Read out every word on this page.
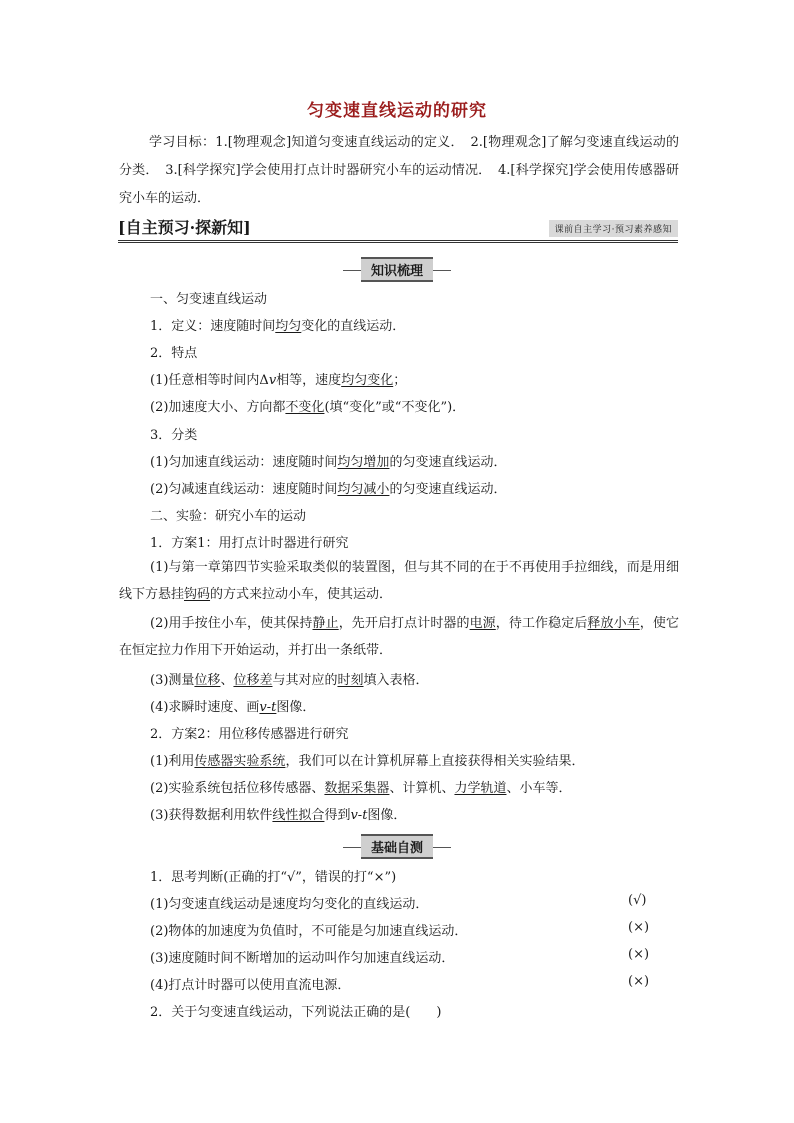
匀变速直线运动的研究
学习目标：1.[物理观念]知道匀变速直线运动的定义．　 2.[物理观念]了解匀变速直线运动的分类．　 3.[科学探究]学会使用打点计时器研究小车的运动情况．　 4.[科学探究]学会使用传感器研究小车的运动．
[自主预习·探新知]	课前自主学习·预习素养感知
知识梳理
一、匀变速直线运动
1．定义：速度随时间均匀变化的直线运动．
2．特点
(1)任意相等时间内Δv相等，速度均匀变化；
(2)加速度大小、方向都不变化(填“变化”或“不变化”)．
3．分类
(1)匀加速直线运动：速度随时间均匀增加的匀变速直线运动．
(2)匀减速直线运动：速度随时间均匀减小的匀变速直线运动．
二、实验：研究小车的运动
1．方案1：用打点计时器进行研究
(1)与第一章第四节实验采取类似的装置图，但与其不同的在于不再使用手拉细线，而是用细线下方悬挂钩码的方式来拉动小车，使其运动．
(2)用手按住小车，使其保持静止，先开启打点计时器的电源，待工作稳定后释放小车，使它在恒定拉力作用下开始运动，并打出一条纸带．
(3)测量位移、位移差与其对应的时刻填入表格．
(4)求瞬时速度、画v-t图像．
2．方案2：用位移传感器进行研究
(1)利用传感器实验系统，我们可以在计算机屏幕上直接获得相关实验结果．
(2)实验系统包括位移传感器、数据采集器、计算机、力学轨道、小车等．
(3)获得数据利用软件线性拟合得到v-t图像．
基础自测
1．思考判断(正确的打“√”，错误的打“×”)
(1)匀变速直线运动是速度均匀变化的直线运动．	(√)
(2)物体的加速度为负值时，不可能是匀加速直线运动．	(×)
(3)速度随时间不断增加的运动叫作匀加速直线运动．	(×)
(4)打点计时器可以使用直流电源．	(×)
2．关于匀变速直线运动，下列说法正确的是(　　)
